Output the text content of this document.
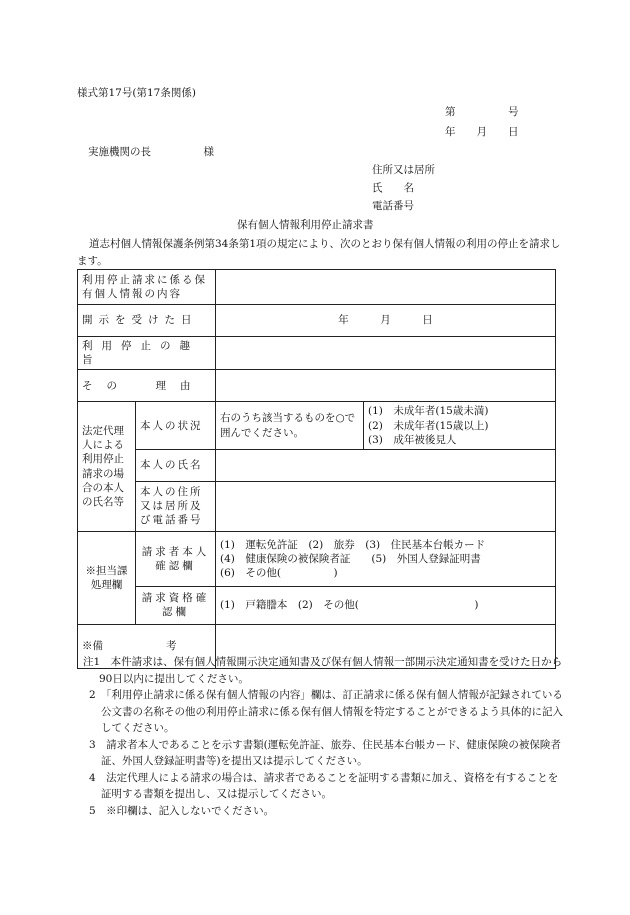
様式第17号(第17条関係)
第　　　　　号
年　　月　　日
実施機関の長　　　　　様
住所又は居所
氏　　名
電話番号
保有個人情報利用停止請求書
道志村個人情報保護条例第34条第1項の規定により、次のとおり保有個人情報の利用の停止を請求します。
利用停止請求に係る保有個人情報の内容			
開示を受けた日		年　　　月　　　日	
利用停止の趣旨			
その　理由			
法定代理人による利用停止請求の場合の本人の氏名等	本人の状況	右のうち該当するものを○で囲んでください。	(1)　未成年者(15歳未満)
(2)　未成年者(15歳以上)
(3)　成年被後見人

	本人の氏名		
	本人の住所又は居所及び電話番号		
※担当課処理欄	請求者本人確認欄	(1)　運転免許証　(2)　旅券　(3)　住民基本台帳カード
(4)　健康保険の被保険者証　　(5)　外国人登録証明書
(6)　その他(　　　　　)	

	請求資格確認欄	(1)　戸籍謄本　(2)　その他(　　　　　　　　　　　)	
※備　　　　　　考			
注1　本件請求は、保有個人情報開示決定通知書及び保有個人情報一部開示決定通知書を受けた日から90日以内に提出してください。
2　「利用停止請求に係る保有個人情報の内容」欄は、訂正請求に係る保有個人情報が記録されている公文書の名称その他の利用停止請求に係る保有個人情報を特定することができるよう具体的に記入してください。
3　請求者本人であることを示す書類(運転免許証、旅券、住民基本台帳カード、健康保険の被保険者証、外国人登録証明書等)を提出又は提示してください。
4　法定代理人による請求の場合は、請求者であることを証明する書類に加え、資格を有することを証明する書類を提出し、又は提示してください。
5　※印欄は、記入しないでください。
